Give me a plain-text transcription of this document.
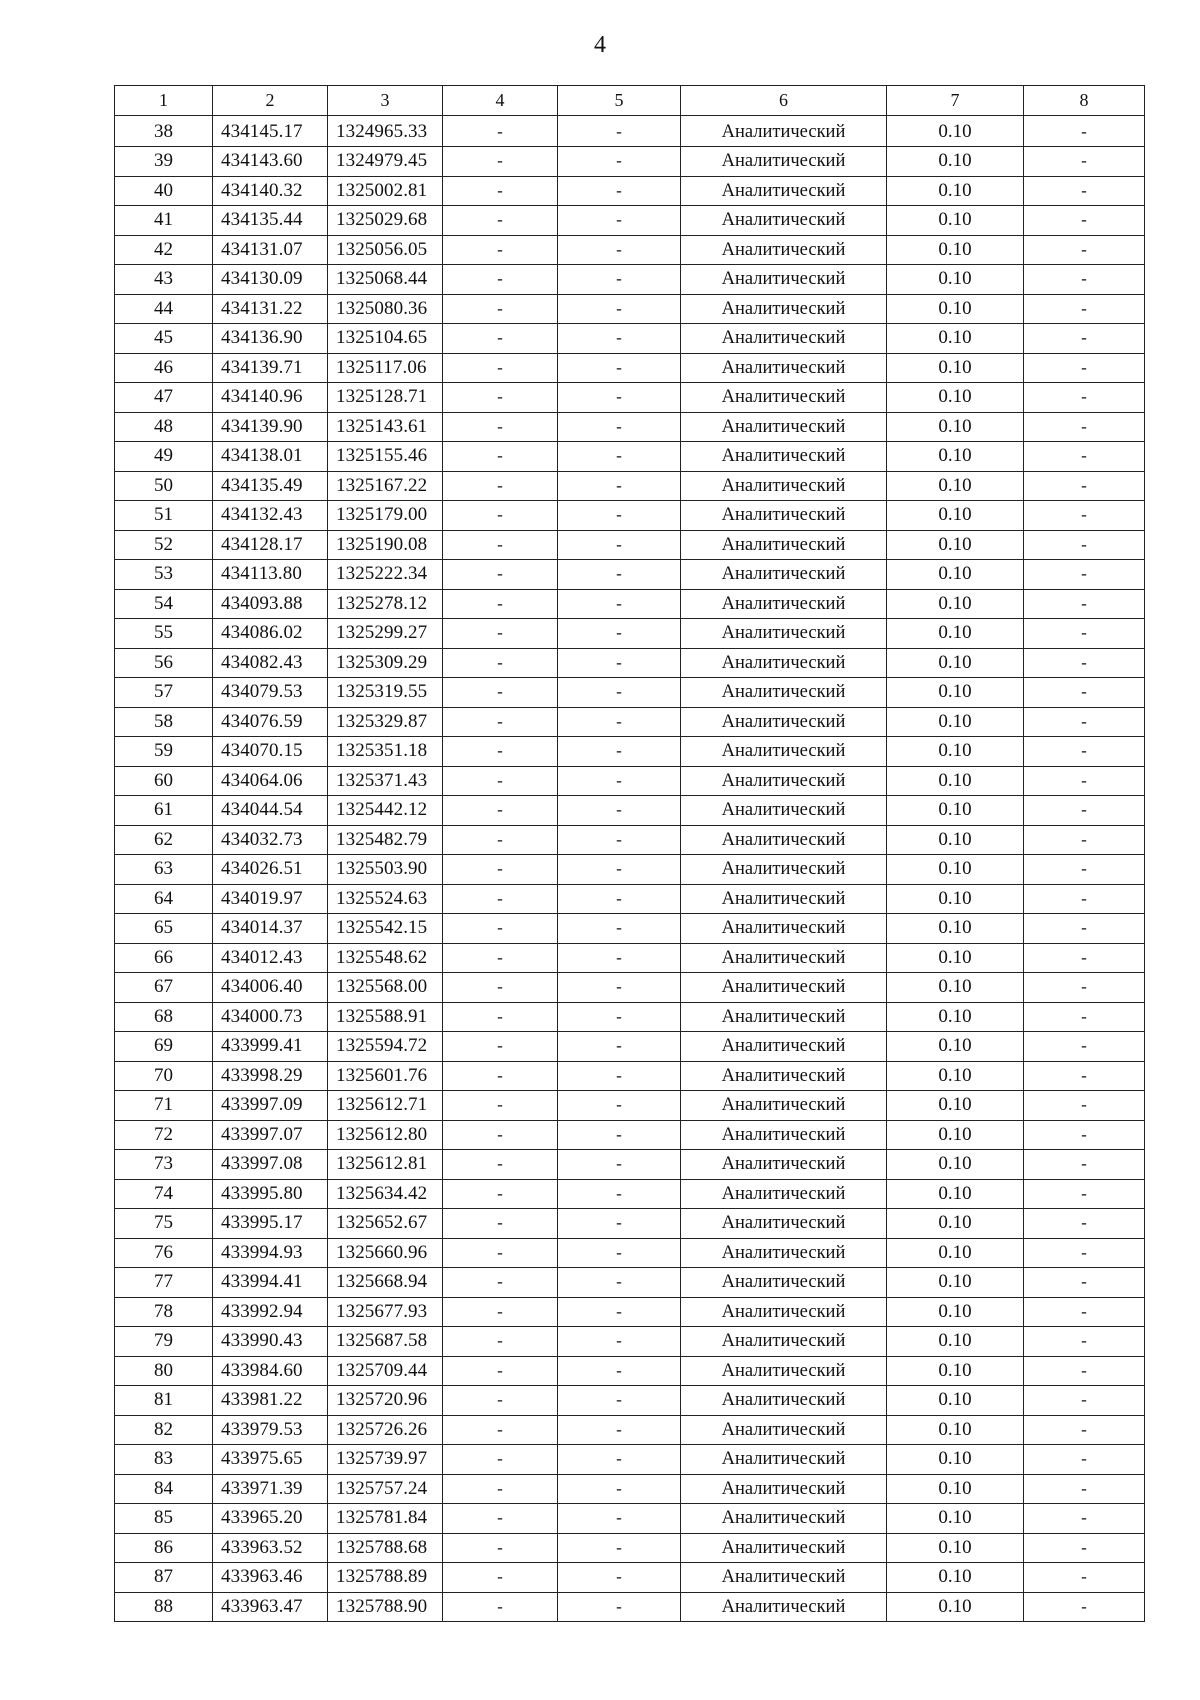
4
1	2	3	4	5	6	7	8
38	434145.17	1324965.33	-	-	Аналитический	0.10	-
39	434143.60	1324979.45	-	-	Аналитический	0.10	-
40	434140.32	1325002.81	-	-	Аналитический	0.10	-
41	434135.44	1325029.68	-	-	Аналитический	0.10	-
42	434131.07	1325056.05	-	-	Аналитический	0.10	-
43	434130.09	1325068.44	-	-	Аналитический	0.10	-
44	434131.22	1325080.36	-	-	Аналитический	0.10	-
45	434136.90	1325104.65	-	-	Аналитический	0.10	-
46	434139.71	1325117.06	-	-	Аналитический	0.10	-
47	434140.96	1325128.71	-	-	Аналитический	0.10	-
48	434139.90	1325143.61	-	-	Аналитический	0.10	-
49	434138.01	1325155.46	-	-	Аналитический	0.10	-
50	434135.49	1325167.22	-	-	Аналитический	0.10	-
51	434132.43	1325179.00	-	-	Аналитический	0.10	-
52	434128.17	1325190.08	-	-	Аналитический	0.10	-
53	434113.80	1325222.34	-	-	Аналитический	0.10	-
54	434093.88	1325278.12	-	-	Аналитический	0.10	-
55	434086.02	1325299.27	-	-	Аналитический	0.10	-
56	434082.43	1325309.29	-	-	Аналитический	0.10	-
57	434079.53	1325319.55	-	-	Аналитический	0.10	-
58	434076.59	1325329.87	-	-	Аналитический	0.10	-
59	434070.15	1325351.18	-	-	Аналитический	0.10	-
60	434064.06	1325371.43	-	-	Аналитический	0.10	-
61	434044.54	1325442.12	-	-	Аналитический	0.10	-
62	434032.73	1325482.79	-	-	Аналитический	0.10	-
63	434026.51	1325503.90	-	-	Аналитический	0.10	-
64	434019.97	1325524.63	-	-	Аналитический	0.10	-
65	434014.37	1325542.15	-	-	Аналитический	0.10	-
66	434012.43	1325548.62	-	-	Аналитический	0.10	-
67	434006.40	1325568.00	-	-	Аналитический	0.10	-
68	434000.73	1325588.91	-	-	Аналитический	0.10	-
69	433999.41	1325594.72	-	-	Аналитический	0.10	-
70	433998.29	1325601.76	-	-	Аналитический	0.10	-
71	433997.09	1325612.71	-	-	Аналитический	0.10	-
72	433997.07	1325612.80	-	-	Аналитический	0.10	-
73	433997.08	1325612.81	-	-	Аналитический	0.10	-
74	433995.80	1325634.42	-	-	Аналитический	0.10	-
75	433995.17	1325652.67	-	-	Аналитический	0.10	-
76	433994.93	1325660.96	-	-	Аналитический	0.10	-
77	433994.41	1325668.94	-	-	Аналитический	0.10	-
78	433992.94	1325677.93	-	-	Аналитический	0.10	-
79	433990.43	1325687.58	-	-	Аналитический	0.10	-
80	433984.60	1325709.44	-	-	Аналитический	0.10	-
81	433981.22	1325720.96	-	-	Аналитический	0.10	-
82	433979.53	1325726.26	-	-	Аналитический	0.10	-
83	433975.65	1325739.97	-	-	Аналитический	0.10	-
84	433971.39	1325757.24	-	-	Аналитический	0.10	-
85	433965.20	1325781.84	-	-	Аналитический	0.10	-
86	433963.52	1325788.68	-	-	Аналитический	0.10	-
87	433963.46	1325788.89	-	-	Аналитический	0.10	-
88	433963.47	1325788.90	-	-	Аналитический	0.10	-
